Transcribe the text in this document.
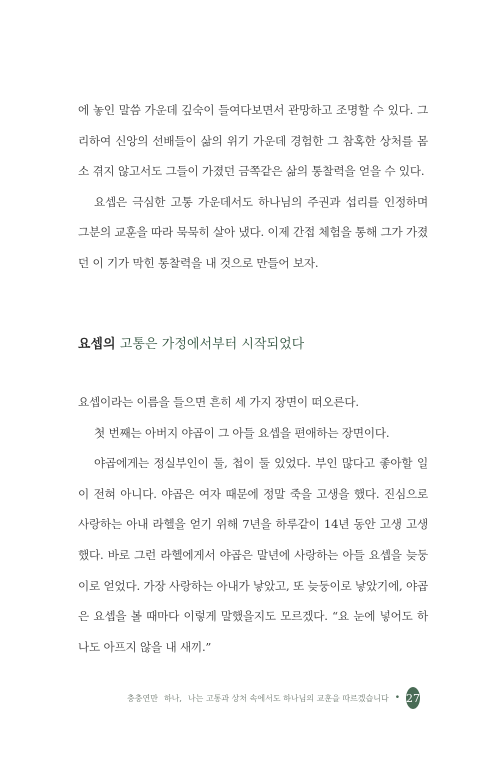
에 놓인 말씀 가운데 깊숙이 들여다보면서 관망하고 조명할 수 있다. 그리하여 신앙의 선배들이 삶의 위기 가운데 경험한 그 참혹한 상처를 몸소 겪지 않고서도 그들이 가졌던 금쪽같은 삶의 통찰력을 얻을 수 있다.

요셉은 극심한 고통 가운데서도 하나님의 주권과 섭리를 인정하며 그분의 교훈을 따라 묵묵히 살아 냈다. 이제 간접 체험을 통해 그가 가졌던 이 기가 막힌 통찰력을 내 것으로 만들어 보자.

요셉의 고통은 가정에서부터 시작되었다

요셉이라는 이름을 들으면 흔히 세 가지 장면이 떠오른다.

첫 번째는 아버지 야곱이 그 아들 요셉을 편애하는 장면이다.

야곱에게는 정실부인이 둘, 첩이 둘 있었다. 부인 많다고 좋아할 일이 전혀 아니다. 야곱은 여자 때문에 정말 죽을 고생을 했다. 진심으로 사랑하는 아내 라헬을 얻기 위해 7년을 하루같이 14년 동안 고생 고생했다. 바로 그런 라헬에게서 야곱은 말년에 사랑하는 아들 요셉을 늦둥이로 얻었다. 가장 사랑하는 아내가 낳았고, 또 늦둥이로 낳았기에, 야곱은 요셉을 볼 때마다 이렇게 말했을지도 모르겠다. “요 눈에 넣어도 하나도 아프지 않을 내 새끼.”

충충연만 하나, 나는 고통과 상처 속에서도 하나님의 교훈을 따르겠습니다 • 27
